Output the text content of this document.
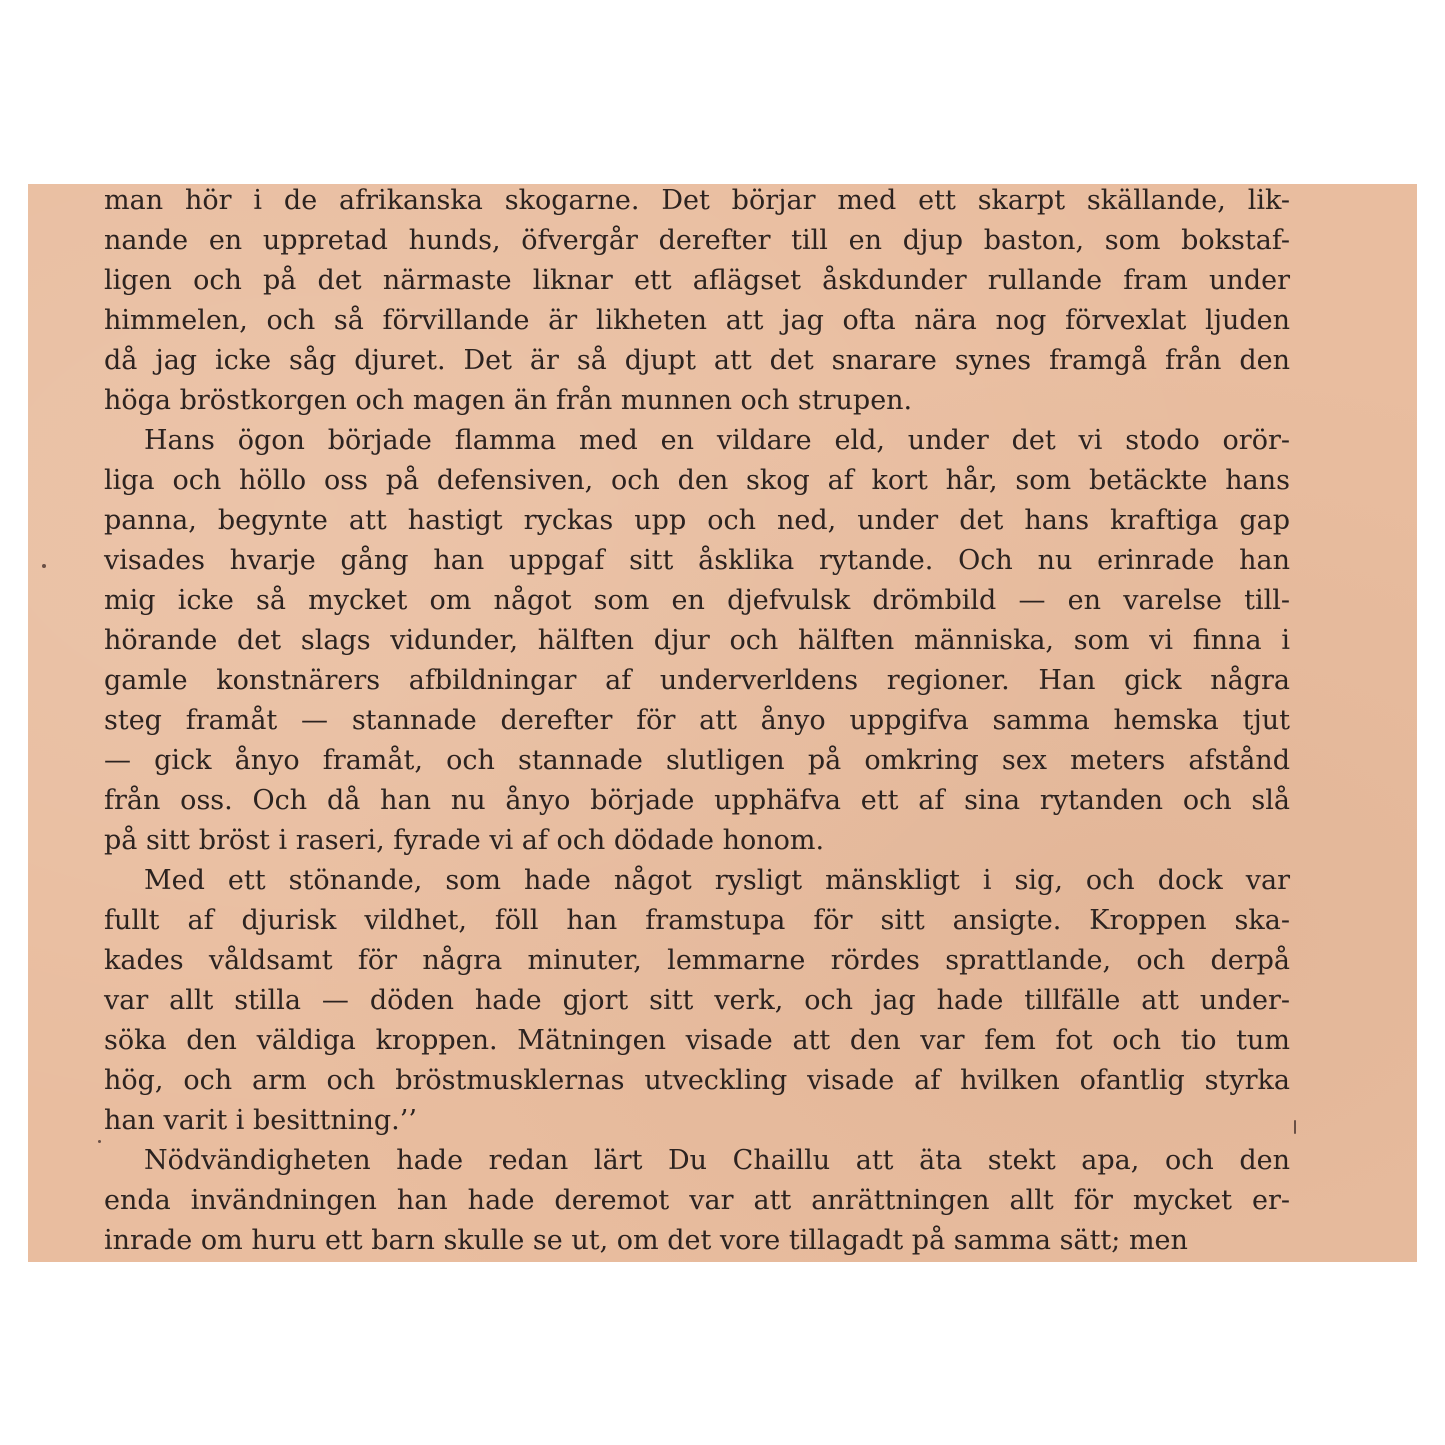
man hör i de afrikanska skogarne. Det börjar med ett skarpt skällande, lik-
nande en uppretad hunds, öfvergår derefter till en djup baston, som bokstaf-
ligen och på det närmaste liknar ett aflägset åskdunder rullande fram under
himmelen, och så förvillande är likheten att jag ofta nära nog förvexlat ljuden
då jag icke såg djuret. Det är så djupt att det snarare synes framgå från den
höga bröstkorgen och magen än från munnen och strupen.
Hans ögon började flamma med en vildare eld, under det vi stodo orör-
liga och höllo oss på defensiven, och den skog af kort hår, som betäckte hans
panna, begynte att hastigt ryckas upp och ned, under det hans kraftiga gap
visades hvarje gång han uppgaf sitt åsklika rytande. Och nu erinrade han
mig icke så mycket om något som en djefvulsk drömbild — en varelse till-
hörande det slags vidunder, hälften djur och hälften människa, som vi finna i
gamle konstnärers afbildningar af underverldens regioner. Han gick några
steg framåt — stannade derefter för att ånyo uppgifva samma hemska tjut
— gick ånyo framåt, och stannade slutligen på omkring sex meters afstånd
från oss. Och då han nu ånyo började upphäfva ett af sina rytanden och slå
på sitt bröst i raseri, fyrade vi af och dödade honom.
Med ett stönande, som hade något rysligt mänskligt i sig, och dock var
fullt af djurisk vildhet, föll han framstupa för sitt ansigte. Kroppen ska-
kades våldsamt för några minuter, lemmarne rördes sprattlande, och derpå
var allt stilla — döden hade gjort sitt verk, och jag hade tillfälle att under-
söka den väldiga kroppen. Mätningen visade att den var fem fot och tio tum
hög, och arm och bröstmusklernas utveckling visade af hvilken ofantlig styrka
han varit i besittning.’’
Nödvändigheten hade redan lärt Du Chaillu att äta stekt apa, och den
enda invändningen han hade deremot var att anrättningen allt för mycket er-
inrade om huru ett barn skulle se ut, om det vore tillagadt på samma sätt; men
